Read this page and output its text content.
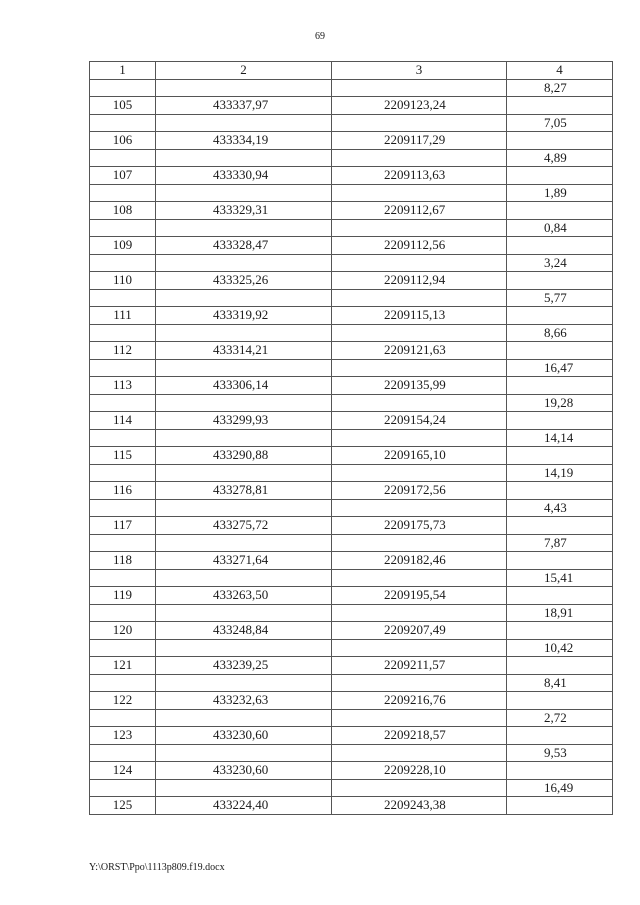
69
1	2	3	4
			8,27
105	433337,97	2209123,24	
			7,05
106	433334,19	2209117,29	
			4,89
107	433330,94	2209113,63	
			1,89
108	433329,31	2209112,67	
			0,84
109	433328,47	2209112,56	
			3,24
110	433325,26	2209112,94	
			5,77
111	433319,92	2209115,13	
			8,66
112	433314,21	2209121,63	
			16,47
113	433306,14	2209135,99	
			19,28
114	433299,93	2209154,24	
			14,14
115	433290,88	2209165,10	
			14,19
116	433278,81	2209172,56	
			4,43
117	433275,72	2209175,73	
			7,87
118	433271,64	2209182,46	
			15,41
119	433263,50	2209195,54	
			18,91
120	433248,84	2209207,49	
			10,42
121	433239,25	2209211,57	
			8,41
122	433232,63	2209216,76	
			2,72
123	433230,60	2209218,57	
			9,53
124	433230,60	2209228,10	
			16,49
125	433224,40	2209243,38	
Y:\ORST\Ppo\1113p809.f19.docx
